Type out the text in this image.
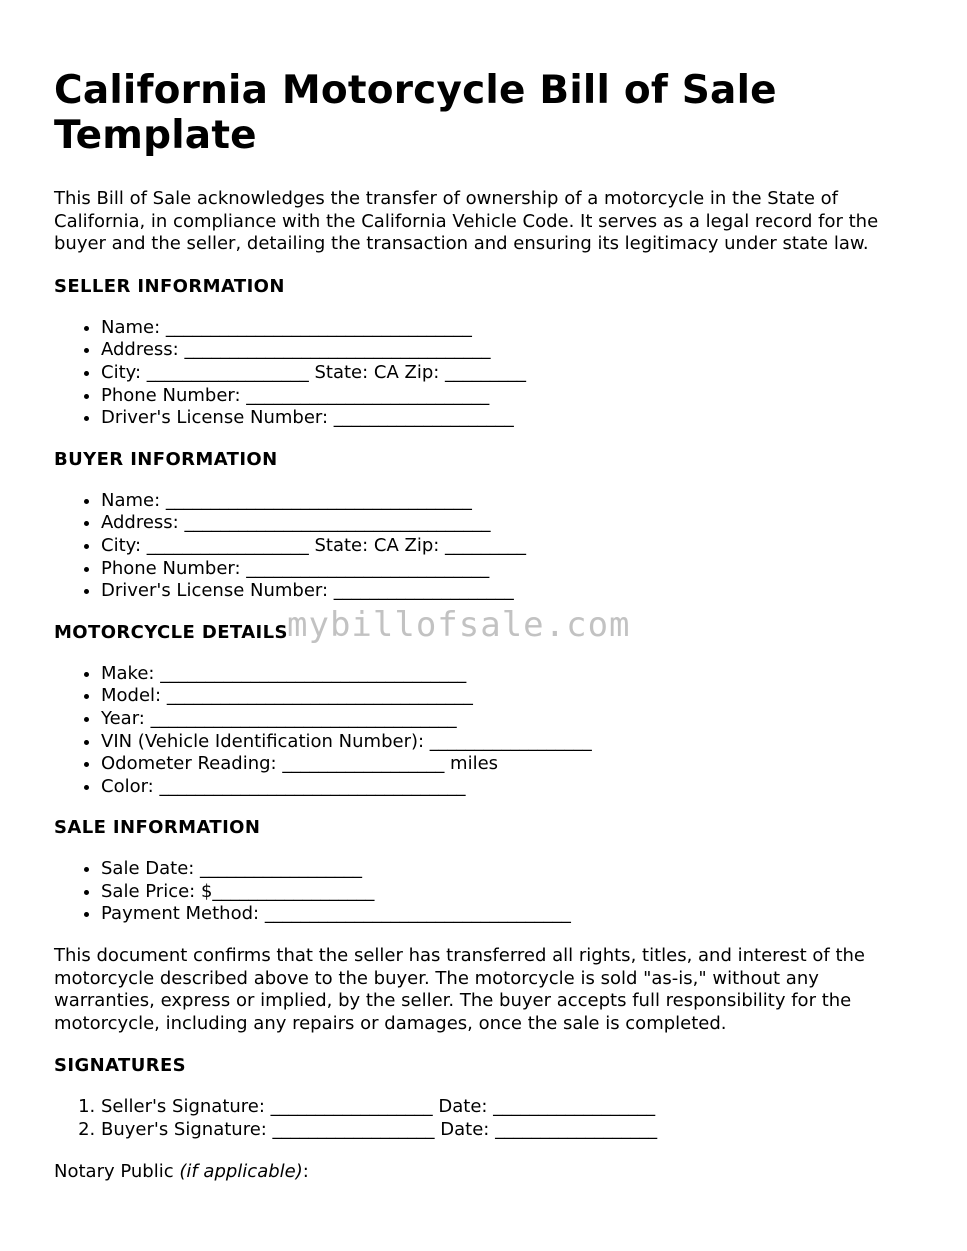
California Motorcycle Bill of Sale Template

This Bill of Sale acknowledges the transfer of ownership of a motorcycle in the State of California, in compliance with the California Vehicle Code. It serves as a legal record for the buyer and the seller, detailing the transaction and ensuring its legitimacy under state law.

SELLER INFORMATION
• Name: __________________________________
• Address: __________________________________
• City: __________________ State: CA Zip: _________
• Phone Number: ___________________________
• Driver's License Number: ____________________
BUYER INFORMATION
• Name: __________________________________
• Address: __________________________________
• City: __________________ State: CA Zip: _________
• Phone Number: ___________________________
• Driver's License Number: ____________________
MOTORCYCLE DETAILS
• Make: __________________________________
• Model: __________________________________
• Year: __________________________________
• VIN (Vehicle Identification Number): __________________
• Odometer Reading: __________________ miles
• Color: __________________________________
SALE INFORMATION
• Sale Date: __________________
• Sale Price: $__________________
• Payment Method: __________________________________

This document confirms that the seller has transferred all rights, titles, and interest of the motorcycle described above to the buyer. The motorcycle is sold "as-is," without any warranties, express or implied, by the seller. The buyer accepts full responsibility for the motorcycle, including any repairs or damages, once the sale is completed.

SIGNATURES
1. Seller's Signature: __________________ Date: __________________
2. Buyer's Signature: __________________ Date: __________________

Notary Public (if applicable):

mybillofsale.com
